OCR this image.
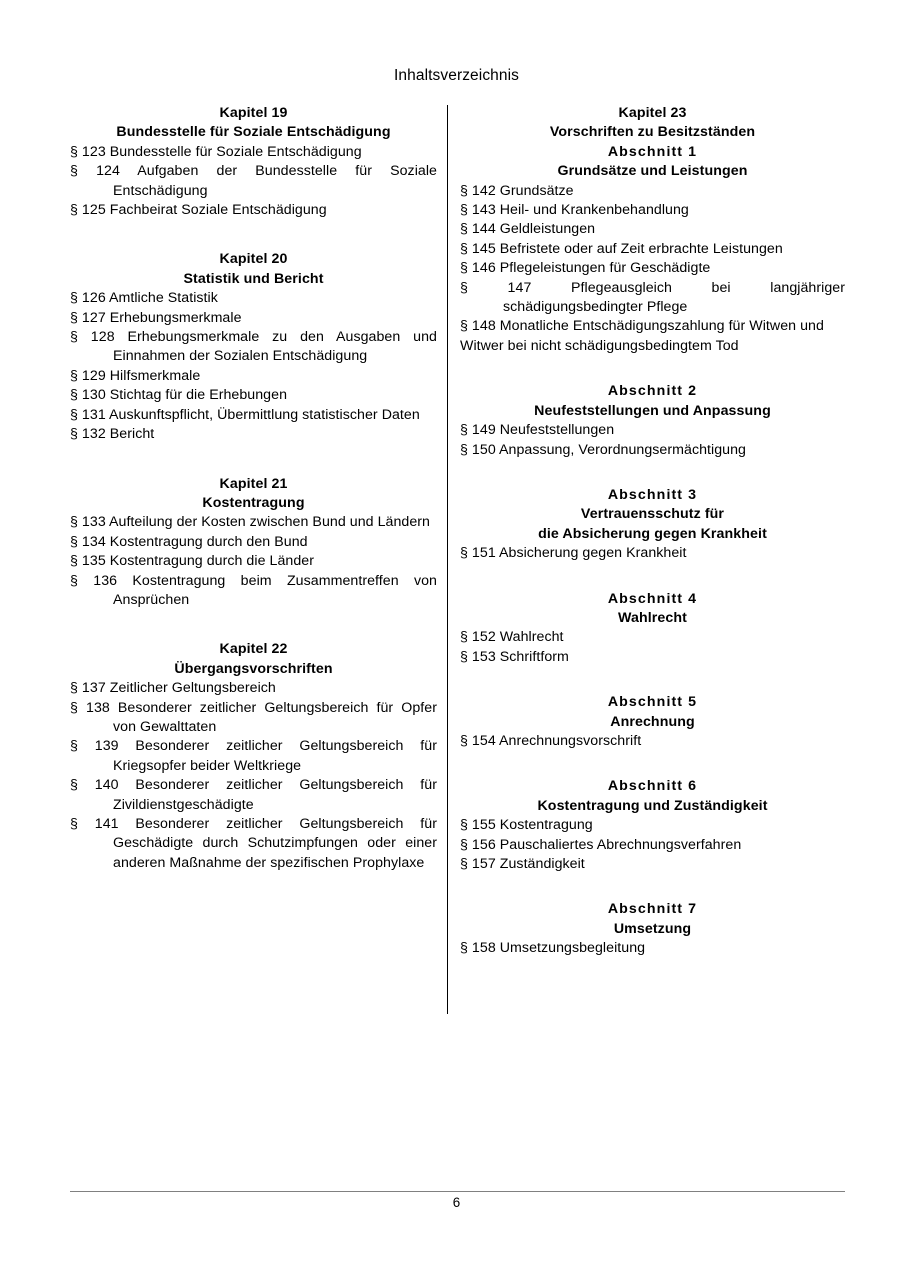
Inhaltsverzeichnis
Kapitel 19
Bundesstelle für Soziale Entschädigung
§ 123 Bundesstelle für Soziale Entschädigung
§ 124 Aufgaben der Bundesstelle für Soziale Entschädigung
§ 125 Fachbeirat Soziale Entschädigung
Kapitel 20
Statistik und Bericht
§ 126 Amtliche Statistik
§ 127 Erhebungsmerkmale
§ 128 Erhebungsmerkmale zu den Ausgaben und Einnahmen der Sozialen Entschädigung
§ 129 Hilfsmerkmale
§ 130 Stichtag für die Erhebungen
§ 131 Auskunftspflicht, Übermittlung statistischer Daten
§ 132 Bericht
Kapitel 21
Kostentragung
§ 133 Aufteilung der Kosten zwischen Bund und Ländern
§ 134 Kostentragung durch den Bund
§ 135 Kostentragung durch die Länder
§ 136 Kostentragung beim Zusammentreffen von Ansprüchen
Kapitel 22
Übergangsvorschriften
§ 137 Zeitlicher Geltungsbereich
§ 138 Besonderer zeitlicher Geltungsbereich für Opfer von Gewalttaten
§ 139 Besonderer zeitlicher Geltungsbereich für Kriegsopfer beider Weltkriege
§ 140 Besonderer zeitlicher Geltungsbereich für Zivildienstgeschädigte
§ 141 Besonderer zeitlicher Geltungsbereich für Geschädigte durch Schutzimpfungen oder einer anderen Maßnahme der spezifischen Prophylaxe
Kapitel 23
Vorschriften zu Besitzständen
Abschnitt 1
Grundsätze und Leistungen
§ 142 Grundsätze
§ 143 Heil- und Krankenbehandlung
§ 144 Geldleistungen
§ 145 Befristete oder auf Zeit erbrachte Leistungen
§ 146 Pflegeleistungen für Geschädigte
§ 147	Pflegeausgleich bei langjähriger schädigungsbedingter Pflege
§ 148 Monatliche Entschädigungszahlung für Witwen und Witwer bei nicht schädigungsbedingtem Tod
Abschnitt 2
Neufeststellungen und Anpassung
§ 149 Neufeststellungen
§ 150 Anpassung, Verordnungsermächtigung
Abschnitt 3
Vertrauensschutz für
die Absicherung gegen Krankheit
§ 151 Absicherung gegen Krankheit
Abschnitt 4
Wahlrecht
§ 152 Wahlrecht
§ 153 Schriftform
Abschnitt 5
Anrechnung
§ 154 Anrechnungsvorschrift
Abschnitt 6
Kostentragung und Zuständigkeit
§ 155 Kostentragung
§ 156 Pauschaliertes Abrechnungsverfahren
§ 157 Zuständigkeit
Abschnitt 7
Umsetzung
§ 158 Umsetzungsbegleitung
6
